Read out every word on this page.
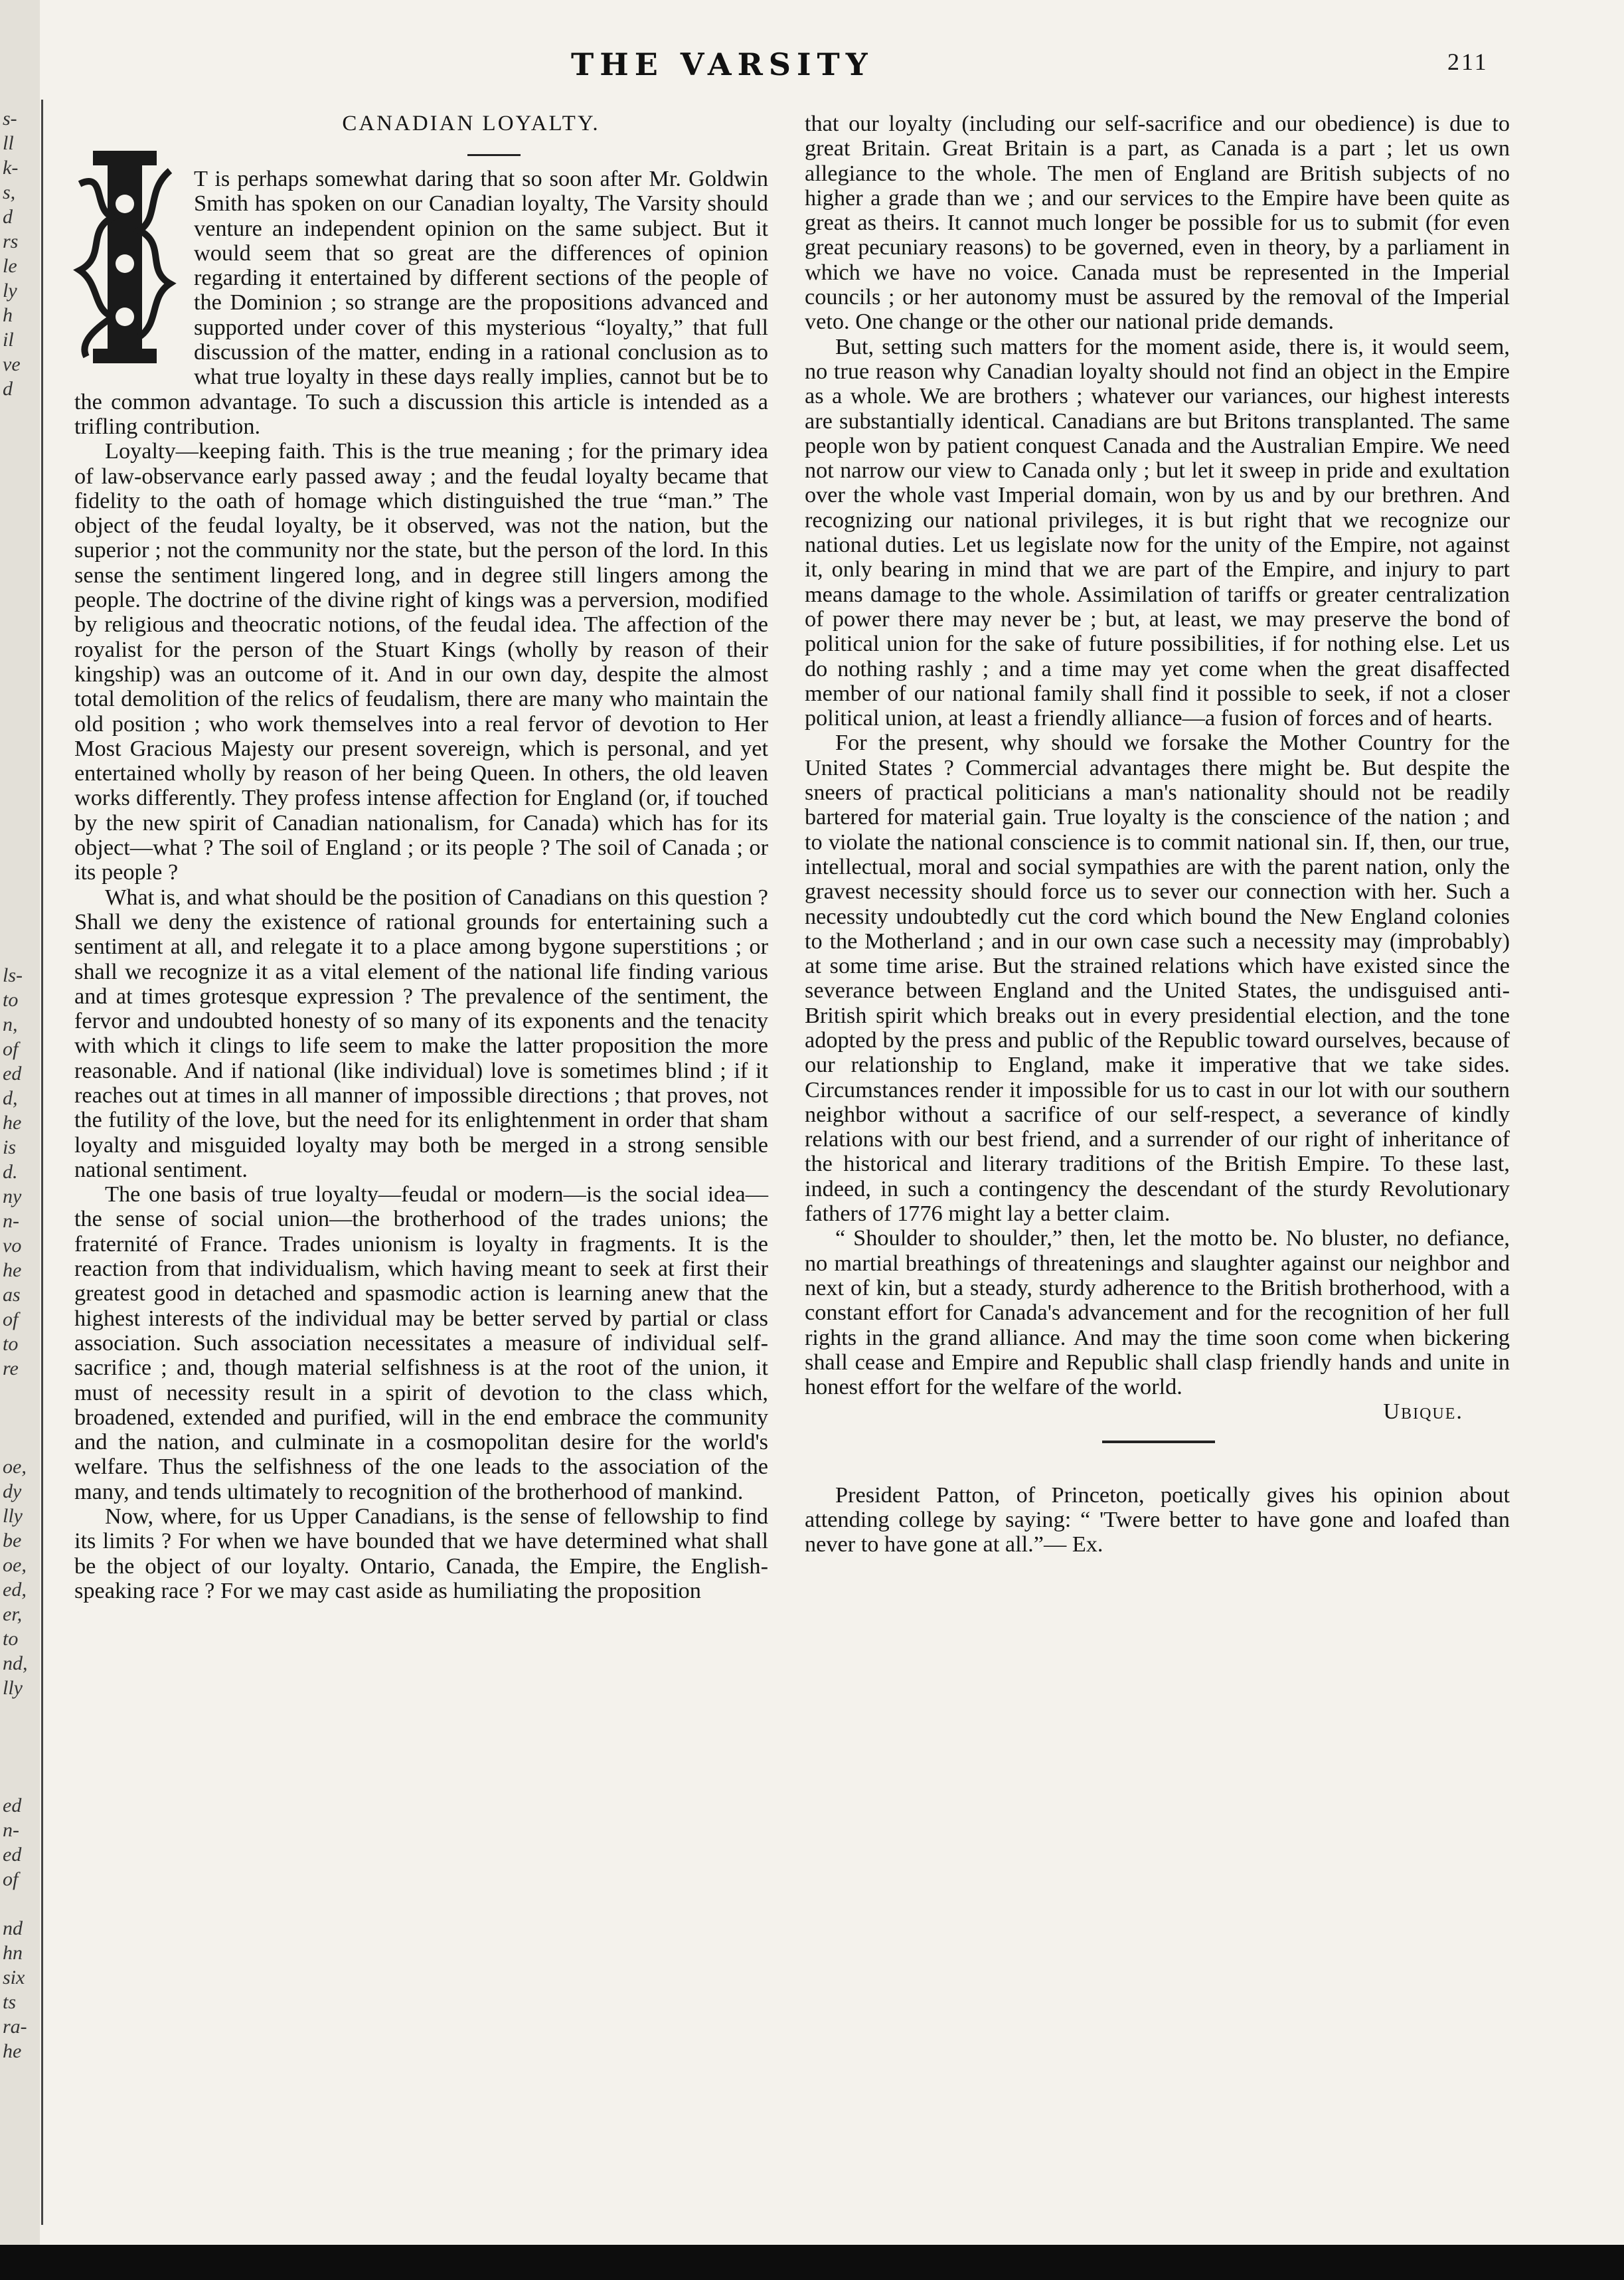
s-
ll
k-
s,
d
rs
le
ly
h
il
ve
d
ls-
to
n,
of
ed
d,
he
is
d.
ny
n-
vo
he
as
of
to
re
oe,
dy
lly
be
oe,
ed,
er,
to
nd,
lly
ed
n-
ed
of
nd
hn
six
ts
ra-
he
THE VARSITY	211

CANADIAN LOYALTY.

I

T is perhaps somewhat daring that so soon after Mr. Goldwin Smith has spoken on our Canadian loyalty, The Varsity should venture an independent opinion on the same subject. But it would seem that so great are the differences of opinion regarding it entertained by different sections of the people of the Dominion ; so strange are the propositions advanced and supported under cover of this mysterious “loyalty,” that full discussion of the matter, ending in a rational conclusion as to what true loyalty in these days really implies, cannot but be to the common advantage. To such a discussion this article is intended as a trifling contribution.

Loyalty—keeping faith. This is the true meaning ; for the primary idea of law-observance early passed away ; and the feudal loyalty became that fidelity to the oath of homage which distinguished the true “man.” The object of the feudal loyalty, be it observed, was not the nation, but the superior ; not the community nor the state, but the person of the lord. In this sense the sentiment lingered long, and in degree still lingers among the people. The doctrine of the divine right of kings was a perversion, modified by religious and theocratic notions, of the feudal idea. The affection of the royalist for the person of the Stuart Kings (wholly by reason of their kingship) was an outcome of it. And in our own day, despite the almost total demolition of the relics of feudalism, there are many who maintain the old position ; who work themselves into a real fervor of devotion to Her Most Gracious Majesty our present sovereign, which is personal, and yet entertained wholly by reason of her being Queen. In others, the old leaven works differently. They profess intense affection for England (or, if touched by the new spirit of Canadian nationalism, for Canada) which has for its object—what ? The soil of England ; or its people ? The soil of Canada ; or its people ?

What is, and what should be the position of Canadians on this question ? Shall we deny the existence of rational grounds for entertaining such a sentiment at all, and relegate it to a place among bygone superstitions ; or shall we recognize it as a vital element of the national life finding various and at times grotesque expression ? The prevalence of the sentiment, the fervor and undoubted honesty of so many of its exponents and the tenacity with which it clings to life seem to make the latter proposition the more reasonable. And if national (like individual) love is sometimes blind ; if it reaches out at times in all manner of impossible directions ; that proves, not the futility of the love, but the need for its enlightenment in order that sham loyalty and misguided loyalty may both be merged in a strong sensible national sentiment.

The one basis of true loyalty—feudal or modern—is the social idea—the sense of social union—the brotherhood of the trades unions; the fraternité of France. Trades unionism is loyalty in fragments. It is the reaction from that individualism, which having meant to seek at first their greatest good in detached and spasmodic action is learning anew that the highest interests of the individual may be better served by partial or class association. Such association necessitates a measure of individual self-sacrifice ; and, though material selfishness is at the root of the union, it must of necessity result in a spirit of devotion to the class which, broadened, extended and purified, will in the end embrace the community and the nation, and culminate in a cosmopolitan desire for the world's welfare. Thus the selfishness of the one leads to the association of the many, and tends ultimately to recognition of the brotherhood of mankind.

Now, where, for us Upper Canadians, is the sense of fellowship to find its limits ? For when we have bounded that we have determined what shall be the object of our loyalty. Ontario, Canada, the Empire, the English-speaking race ? For we may cast aside as humiliating the proposition

that our loyalty (including our self-sacrifice and our obedience) is due to great Britain. Great Britain is a part, as Canada is a part ; let us own allegiance to the whole. The men of England are British subjects of no higher a grade than we ; and our services to the Empire have been quite as great as theirs. It cannot much longer be possible for us to submit (for even great pecuniary reasons) to be governed, even in theory, by a parliament in which we have no voice. Canada must be represented in the Imperial councils ; or her autonomy must be assured by the removal of the Imperial veto. One change or the other our national pride demands.

But, setting such matters for the moment aside, there is, it would seem, no true reason why Canadian loyalty should not find an object in the Empire as a whole. We are brothers ; whatever our variances, our highest interests are substantially identical. Canadians are but Britons transplanted. The same people won by patient conquest Canada and the Australian Empire. We need not narrow our view to Canada only ; but let it sweep in pride and exultation over the whole vast Imperial domain, won by us and by our brethren. And recognizing our national privileges, it is but right that we recognize our national duties. Let us legislate now for the unity of the Empire, not against it, only bearing in mind that we are part of the Empire, and injury to part means damage to the whole. Assimilation of tariffs or greater centralization of power there may never be ; but, at least, we may preserve the bond of political union for the sake of future possibilities, if for nothing else. Let us do nothing rashly ; and a time may yet come when the great disaffected member of our national family shall find it possible to seek, if not a closer political union, at least a friendly alliance—a fusion of forces and of hearts.

For the present, why should we forsake the Mother Country for the United States ? Commercial advantages there might be. But despite the sneers of practical politicians a man's nationality should not be readily bartered for material gain. True loyalty is the conscience of the nation ; and to violate the national conscience is to commit national sin. If, then, our true, intellectual, moral and social sympathies are with the parent nation, only the gravest necessity should force us to sever our connection with her. Such a necessity undoubtedly cut the cord which bound the New England colonies to the Motherland ; and in our own case such a necessity may (improbably) at some time arise. But the strained relations which have existed since the severance between England and the United States, the undisguised anti-British spirit which breaks out in every presidential election, and the tone adopted by the press and public of the Republic toward ourselves, because of our relationship to England, make it imperative that we take sides. Circumstances render it impossible for us to cast in our lot with our southern neighbor without a sacrifice of our self-respect, a severance of kindly relations with our best friend, and a surrender of our right of inheritance of the historical and literary traditions of the British Empire. To these last, indeed, in such a contingency the descendant of the sturdy Revolutionary fathers of 1776 might lay a better claim.

“ Shoulder to shoulder,” then, let the motto be. No bluster, no defiance, no martial breathings of threatenings and slaughter against our neighbor and next of kin, but a steady, sturdy adherence to the British brotherhood, with a constant effort for Canada's advancement and for the recognition of her full rights in the grand alliance. And may the time soon come when bickering shall cease and Empire and Republic shall clasp friendly hands and unite in honest effort for the welfare of the world.

Ubique.

President Patton, of Princeton, poetically gives his opinion about attending college by saying: “ 'Twere better to have gone and loafed than never to have gone at all.”— Ex.
